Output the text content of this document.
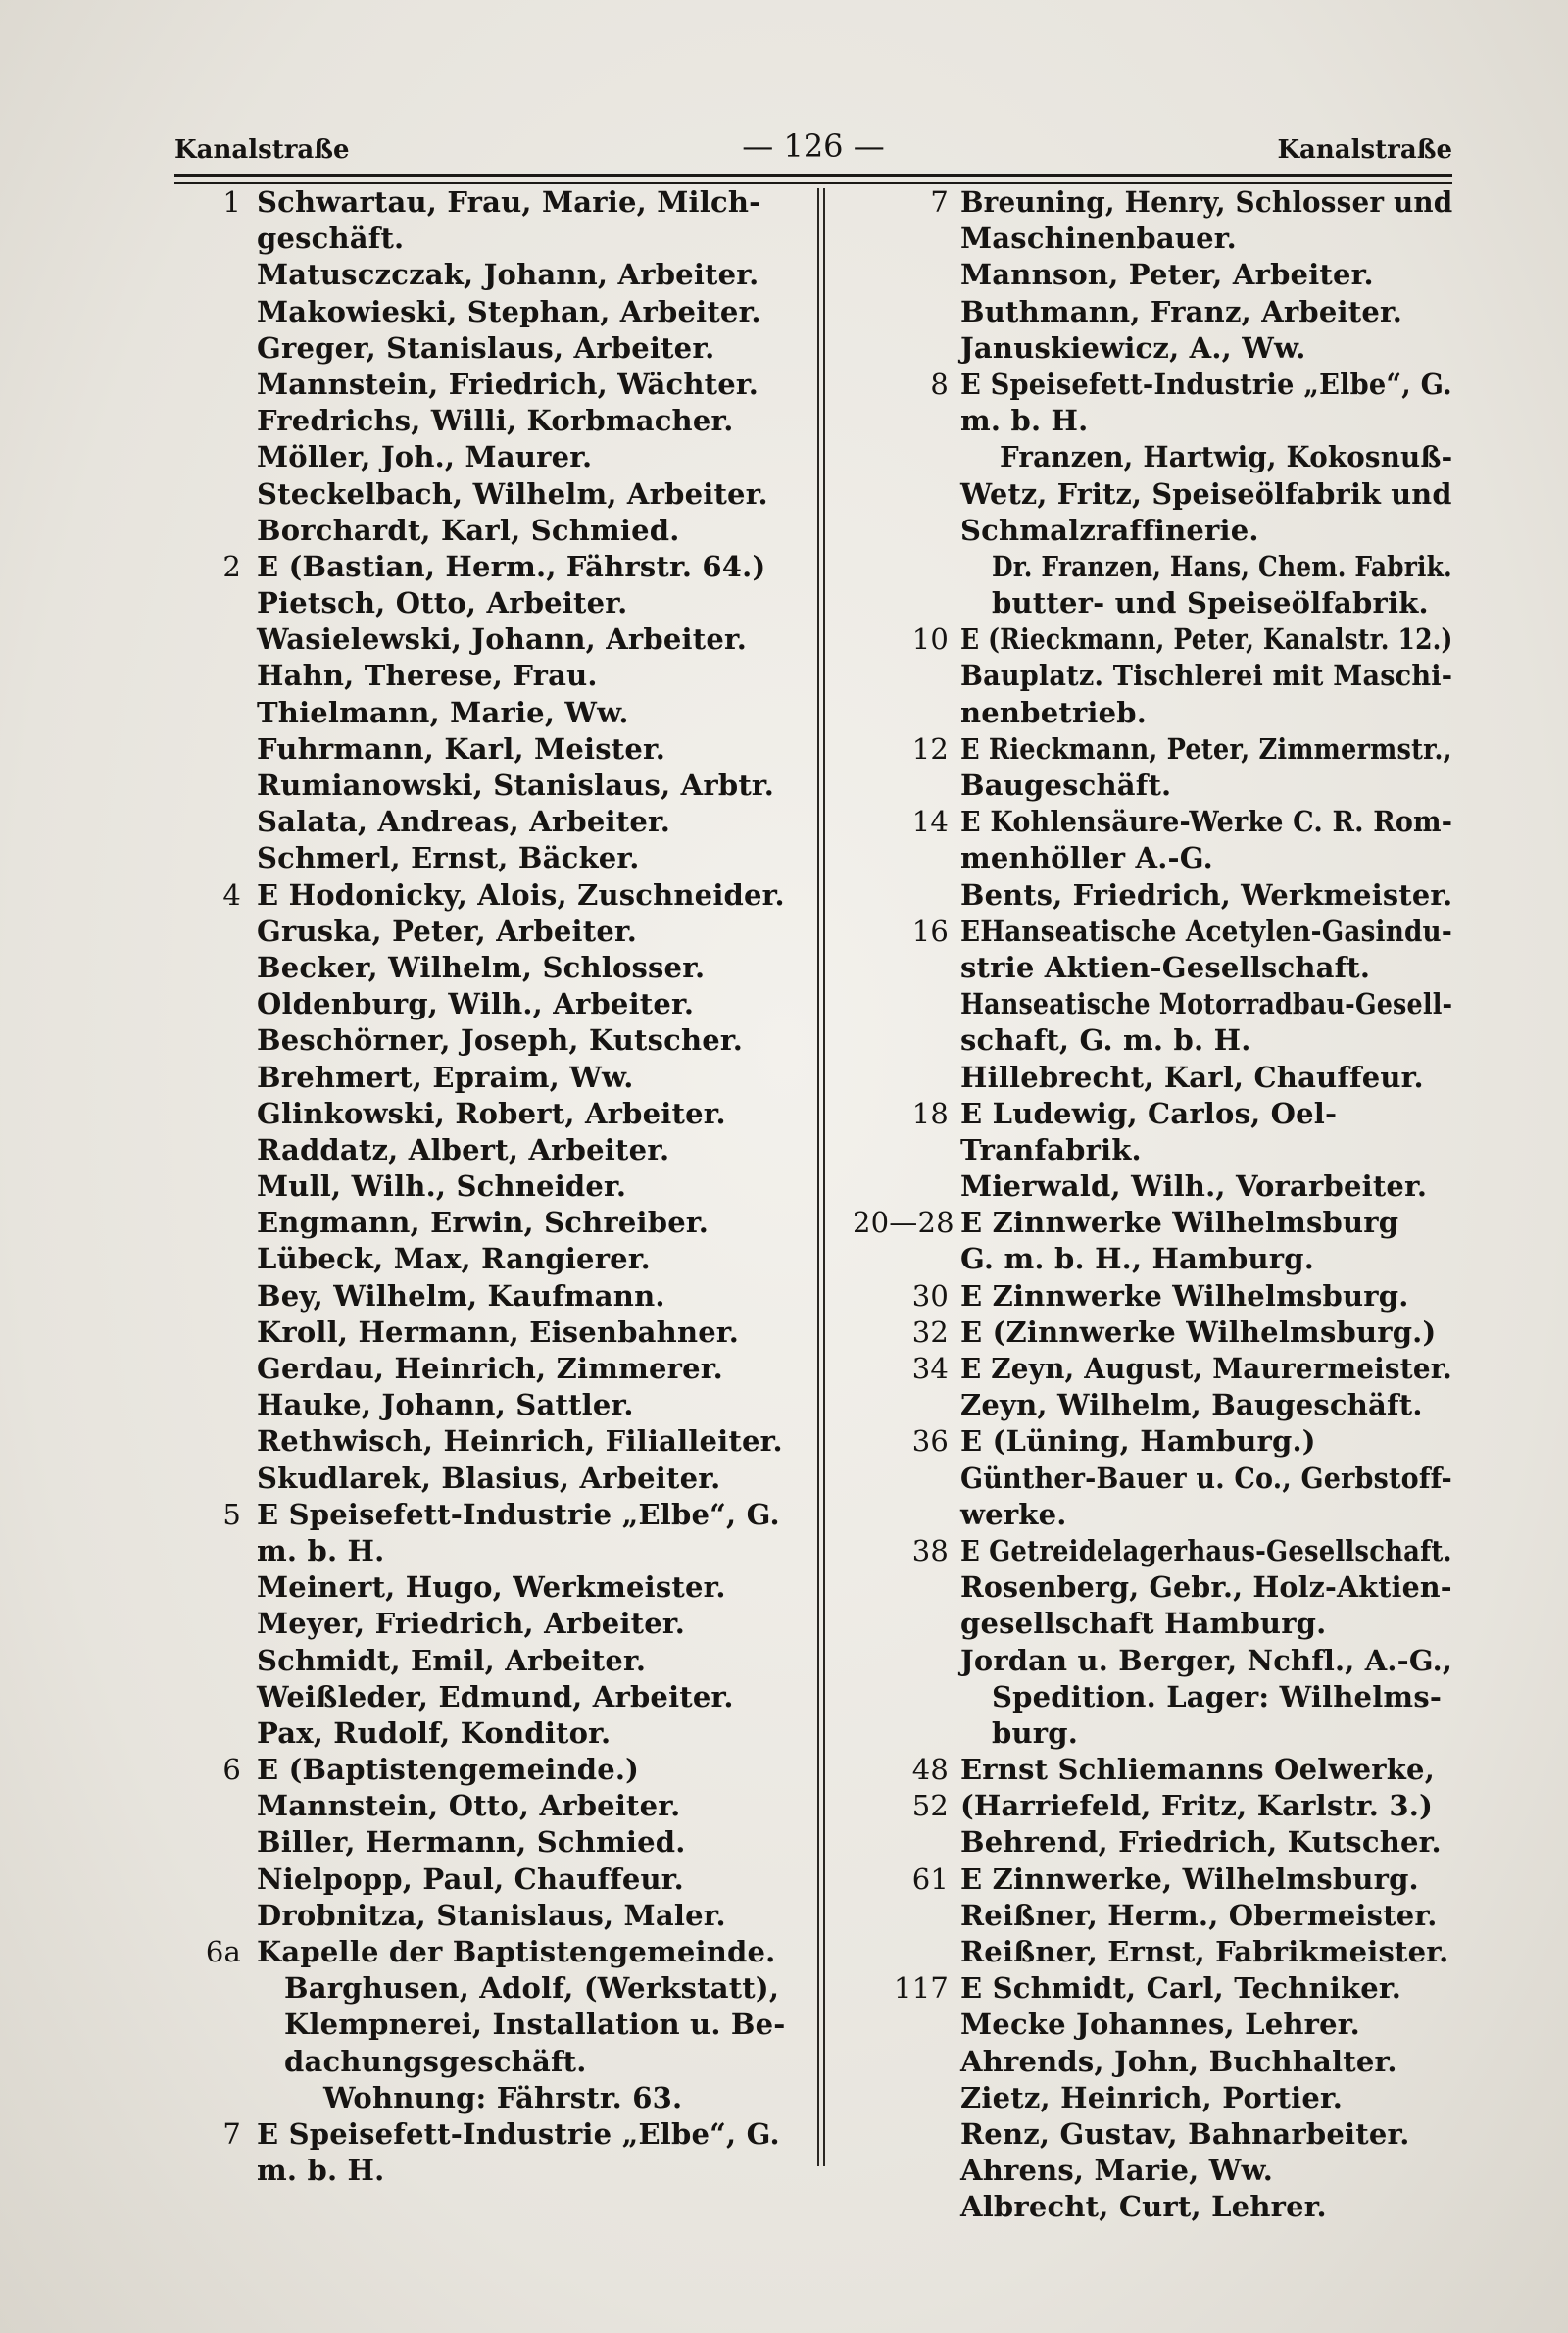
Kanalstraße	— 126 —	Kanalstraße
1 Schwartau, Frau, Marie, Milch-
geschäft.
Matusczczak, Johann, Arbeiter.
Makowieski, Stephan, Arbeiter.
Greger, Stanislaus, Arbeiter.
Mannstein, Friedrich, Wächter.
Fredrichs, Willi, Korbmacher.
Möller, Joh., Maurer.
Steckelbach, Wilhelm, Arbeiter.
Borchardt, Karl, Schmied.
2 E (Bastian, Herm., Fährstr. 64.)
Pietsch, Otto, Arbeiter.
Wasielewski, Johann, Arbeiter.
Hahn, Therese, Frau.
Thielmann, Marie, Ww.
Fuhrmann, Karl, Meister.
Rumianowski, Stanislaus, Arbtr.
Salata, Andreas, Arbeiter.
Schmerl, Ernst, Bäcker.
4 E Hodonicky, Alois, Zuschneider.
Gruska, Peter, Arbeiter.
Becker, Wilhelm, Schlosser.
Oldenburg, Wilh., Arbeiter.
Beschörner, Joseph, Kutscher.
Brehmert, Epraim, Ww.
Glinkowski, Robert, Arbeiter.
Raddatz, Albert, Arbeiter.
Mull, Wilh., Schneider.
Engmann, Erwin, Schreiber.
Lübeck, Max, Rangierer.
Bey, Wilhelm, Kaufmann.
Kroll, Hermann, Eisenbahner.
Gerdau, Heinrich, Zimmerer.
Hauke, Johann, Sattler.
Rethwisch, Heinrich, Filialleiter.
Skudlarek, Blasius, Arbeiter.
5 E Speisefett-Industrie „Elbe“, G.
m. b. H.
Meinert, Hugo, Werkmeister.
Meyer, Friedrich, Arbeiter.
Schmidt, Emil, Arbeiter.
Weißleder, Edmund, Arbeiter.
Pax, Rudolf, Konditor.
6 E (Baptistengemeinde.)
Mannstein, Otto, Arbeiter.
Biller, Hermann, Schmied.
Nielpopp, Paul, Chauffeur.
Drobnitza, Stanislaus, Maler.
6a Kapelle der Baptistengemeinde.
Barghusen, Adolf, (Werkstatt),
Klempnerei, Installation u. Be-
dachungsgeschäft.
Wohnung: Fährstr. 63.
7 E Speisefett-Industrie „Elbe“, G.
m. b. H.
7 Breuning, Henry, Schlosser und
Maschinenbauer.
Mannson, Peter, Arbeiter.
Buthmann, Franz, Arbeiter.
Januskiewicz, A., Ww.
8 E Speisefett-Industrie „Elbe“, G.
m. b. H.
Franzen, Hartwig, Kokosnuß-
Wetz, Fritz, Speiseölfabrik und
Schmalzraffinerie.
Dr. Franzen, Hans, Chem. Fabrik.
butter- und Speiseölfabrik.
10 E (Rieckmann, Peter, Kanalstr. 12.)
Bauplatz. Tischlerei mit Maschi-
nenbetrieb.
12 E Rieckmann, Peter, Zimmermstr.,
Baugeschäft.
14 E Kohlensäure-Werke C. R. Rom-
menhöller A.-G.
Bents, Friedrich, Werkmeister.
16 EHanseatische Acetylen-Gasindu-
strie Aktien-Gesellschaft.
Hanseatische Motorradbau-Gesell-
schaft, G. m. b. H.
Hillebrecht, Karl, Chauffeur.
18 E Ludewig, Carlos, Oel-
Tranfabrik.
Mierwald, Wilh., Vorarbeiter.
20—28 E Zinnwerke Wilhelmsburg
G. m. b. H., Hamburg.
30 E Zinnwerke Wilhelmsburg.
32 E (Zinnwerke Wilhelmsburg.)
34 E Zeyn, August, Maurermeister.
Zeyn, Wilhelm, Baugeschäft.
36 E (Lüning, Hamburg.)
Günther-Bauer u. Co., Gerbstoff-
werke.
38 E Getreidelagerhaus-Gesellschaft.
Rosenberg, Gebr., Holz-Aktien-
gesellschaft Hamburg.
Jordan u. Berger, Nchfl., A.-G.,
Spedition. Lager: Wilhelms-
burg.
48 Ernst Schliemanns Oelwerke,
52 (Harriefeld, Fritz, Karlstr. 3.)
Behrend, Friedrich, Kutscher.
61 E Zinnwerke, Wilhelmsburg.
Reißner, Herm., Obermeister.
Reißner, Ernst, Fabrikmeister.
117 E Schmidt, Carl, Techniker.
Mecke Johannes, Lehrer.
Ahrends, John, Buchhalter.
Zietz, Heinrich, Portier.
Renz, Gustav, Bahnarbeiter.
Ahrens, Marie, Ww.
Albrecht, Curt, Lehrer.
